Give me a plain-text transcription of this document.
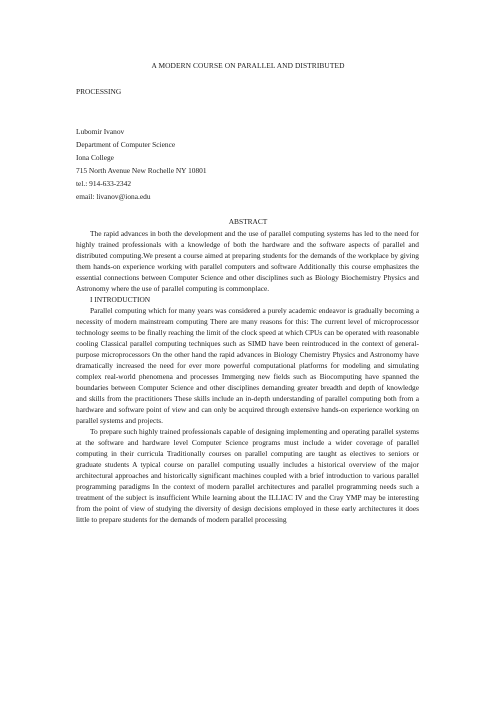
A MODERN COURSE ON PARALLEL AND DISTRIBUTED
PROCESSING
Lubomir Ivanov
Department of Computer Science
Iona College
715 North Avenue New Rochelle NY 10801
tel.: 914-633-2342
email: livanov@iona.edu
ABSTRACT

The rapid advances in both the development and the use of parallel computing systems has led to the need for highly trained professionals with a knowledge of both the hardware and the software aspects of parallel and distributed computing.We present a course aimed at preparing students for the demands of the workplace by giving them hands-on experience working with parallel computers and software Additionally this course emphasizes the essential connections between Computer Science and other disciplines such as Biology Biochemistry Physics and Astronomy where the use of parallel computing is commonplace.

I INTRODUCTION

Parallel computing which for many years was considered a purely academic endeavor is gradually becoming a necessity of modern mainstream computing There are many reasons for this: The current level of microprocessor technology seems to be finally reaching the limit of the clock speed at which CPUs can be operated with reasonable cooling Classical parallel computing techniques such as SIMD have been reintroduced in the context of general-purpose microprocessors On the other hand the rapid advances in Biology Chemistry Physics and Astronomy have dramatically increased the need for ever more powerful computational platforms for modeling and simulating complex real-world phenomena and processes Immerging new fields such as Biocomputing have spanned the boundaries between Computer Science and other disciplines demanding greater breadth and depth of knowledge and skills from the practitioners These skills include an in-depth understanding of parallel computing both from a hardware and software point of view and can only be acquired through extensive hands-on experience working on parallel systems and projects.

To prepare such highly trained professionals capable of designing implementing and operating parallel systems at the software and hardware level Computer Science programs must include a wider coverage of parallel computing in their curricula Traditionally courses on parallel computing are taught as electives to seniors or graduate students A typical course on parallel computing usually includes a historical overview of the major architectural approaches and historically significant machines coupled with a brief introduction to various parallel programming paradigms In the context of modern parallel architectures and parallel programming needs such a treatment of the subject is insufficient While learning about the ILLIAC IV and the Cray YMP may be interesting from the point of view of studying the diversity of design decisions employed in these early architectures it does little to prepare students for the demands of modern parallel processing
